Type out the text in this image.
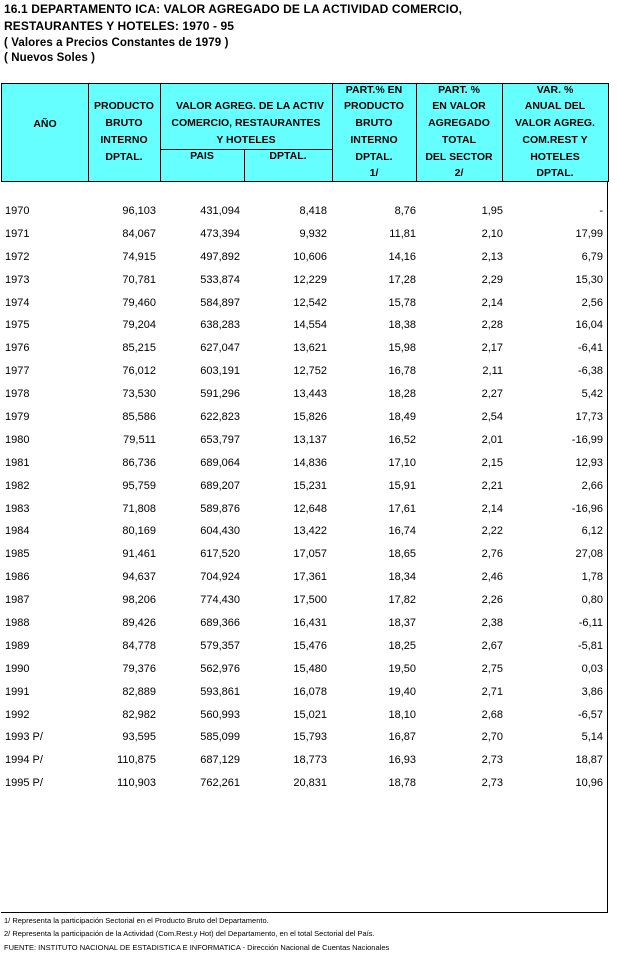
16.1 DEPARTAMENTO ICA: VALOR AGREGADO DE LA ACTIVIDAD COMERCIO,
RESTAURANTES Y HOTELES: 1970 - 95
( Valores a Precios Constantes de 1979 )
( Nuevos Soles )
AÑO
PRODUCTO
BRUTO
INTERNO
DPTAL.
VALOR AGREG. DE LA ACTIV
COMERCIO, RESTAURANTES
Y HOTELES
PAIS	DPTAL.
PART.% EN
PRODUCTO
BRUTO
INTERNO
DPTAL.
1/
PART. %
EN VALOR
AGREGADO
TOTAL
DEL SECTOR
2/
VAR. %
ANUAL DEL
VALOR AGREG.
COM.REST Y
HOTELES
DPTAL.
1970	96,103	431,094	8,418	8,76	1,95	-
1971	84,067	473,394	9,932	11,81	2,10	17,99
1972	74,915	497,892	10,606	14,16	2,13	6,79
1973	70,781	533,874	12,229	17,28	2,29	15,30
1974	79,460	584,897	12,542	15,78	2,14	2,56
1975	79,204	638,283	14,554	18,38	2,28	16,04
1976	85,215	627,047	13,621	15,98	2,17	-6,41
1977	76,012	603,191	12,752	16,78	2,11	-6,38
1978	73,530	591,296	13,443	18,28	2,27	5,42
1979	85,586	622,823	15,826	18,49	2,54	17,73
1980	79,511	653,797	13,137	16,52	2,01	-16,99
1981	86,736	689,064	14,836	17,10	2,15	12,93
1982	95,759	689,207	15,231	15,91	2,21	2,66
1983	71,808	589,876	12,648	17,61	2,14	-16,96
1984	80,169	604,430	13,422	16,74	2,22	6,12
1985	91,461	617,520	17,057	18,65	2,76	27,08
1986	94,637	704,924	17,361	18,34	2,46	1,78
1987	98,206	774,430	17,500	17,82	2,26	0,80
1988	89,426	689,366	16,431	18,37	2,38	-6,11
1989	84,778	579,357	15,476	18,25	2,67	-5,81
1990	79,376	562,976	15,480	19,50	2,75	0,03
1991	82,889	593,861	16,078	19,40	2,71	3,86
1992	82,982	560,993	15,021	18,10	2,68	-6,57
1993 P/	93,595	585,099	15,793	16,87	2,70	5,14
1994 P/	110,875	687,129	18,773	16,93	2,73	18,87
1995 P/	110,903	762,261	20,831	18,78	2,73	10,96
1/ Representa la participación Sectorial en el Producto Bruto del Departamento.
2/ Representa la participación de la Actividad (Com.Rest.y Hot) del Departamento, en el total Sectorial del País.
FUENTE: INSTITUTO NACIONAL DE ESTADISTICA E INFORMATICA - Dirección Nacional de Cuentas Nacionales
